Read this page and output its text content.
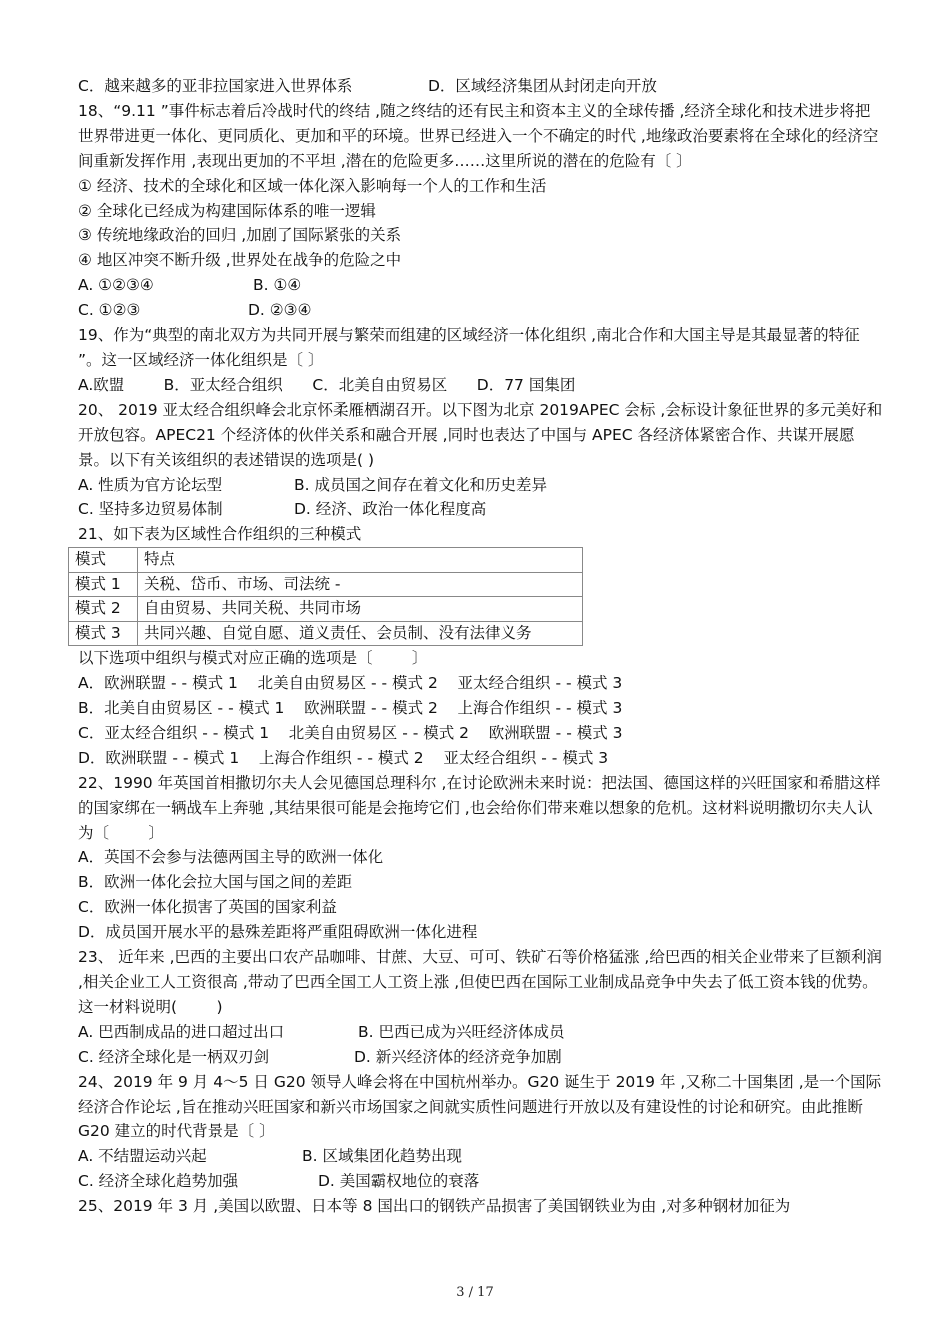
C．越来越多的亚非拉国家进入世界体系	D．区域经济集团从封闭走向开放
18、“9.11 ”事件标志着后冷战时代的终结 ,随之终结的还有民主和资本主义的全球传播 ,经济全球化和技术进步将把世界带进更一体化、更同质化、更加和平的环境。世界已经进入一个不确定的时代 ,地缘政治要素将在全球化的经济空间重新发挥作用 ,表现出更加的不平坦 ,潜在的危险更多……这里所说的潜在的危险有〔 〕
① 经济、技术的全球化和区域一体化深入影响每一个人的工作和生活
② 全球化已经成为构建国际体系的唯一逻辑
③ 传统地缘政治的回归 ,加剧了国际紧张的关系
④ 地区冲突不断升级 ,世界处在战争的危险之中
A. ①②③④	B. ①④
C. ①②③	D. ②③④
19、作为“典型的南北双方为共同开展与繁荣而组建的区域经济一体化组织 ,南北合作和大国主导是其最显著的特征 ”。这一区域经济一体化组织是〔 〕
A.欧盟        B．亚太经合组织      C．北美自由贸易区      D．77 国集团
20、 2019 亚太经合组织峰会北京怀柔雁栖湖召开。以下图为北京 2019APEC 会标 ,会标设计象征世界的多元美好和开放包容。APEC21 个经济体的伙伴关系和融合开展 ,同时也表达了中国与 APEC 各经济体紧密合作、共谋开展愿景。以下有关该组织的表述错误的选项是( )
A. 性质为官方论坛型	B. 成员国之间存在着文化和历史差异
C. 坚持多边贸易体制	D. 经济、政治一体化程度高
21、如下表为区域性合作组织的三种模式
模式	特点
模式 1	关税、岱币、市场、司法统 -
模式 2	自由贸易、共同关税、共同市场
模式 3	共同兴趣、自觉自愿、道义责任、会员制、没有法律义务
以下选项中组织与模式对应正确的选项是〔        〕
A．欧洲联盟 - - 模式 1    北美自由贸易区 - - 模式 2    亚太经合组织 - - 模式 3
B．北美自由贸易区 - - 模式 1    欧洲联盟 - - 模式 2    上海合作组织 - - 模式 3
C．亚太经合组织 - - 模式 1    北美自由贸易区 - - 模式 2    欧洲联盟 - - 模式 3
D．欧洲联盟 - - 模式 1    上海合作组织 - - 模式 2    亚太经合组织 - - 模式 3
22、1990 年英国首相撒切尔夫人会见德国总理科尔 ,在讨论欧洲未来时说：把法国、德国这样的兴旺国家和希腊这样的国家绑在一辆战车上奔驰 ,其结果很可能是会拖垮它们 ,也会给你们带来难以想象的危机。这材料说明撒切尔夫人认为〔        〕
A．英国不会参与法德两国主导的欧洲一体化
B．欧洲一体化会拉大国与国之间的差距
C．欧洲一体化损害了英国的国家利益
D．成员国开展水平的悬殊差距将严重阻碍欧洲一体化进程
23、 近年来 ,巴西的主要出口农产品咖啡、甘蔗、大豆、可可、铁矿石等价格猛涨 ,给巴西的相关企业带来了巨额利润 ,相关企业工人工资很高 ,带动了巴西全国工人工资上涨 ,但使巴西在国际工业制成品竞争中失去了低工资本钱的优势。这一材料说明(        )
A. 巴西制成品的进口超过出口	B. 巴西已成为兴旺经济体成员
C. 经济全球化是一柄双刃剑	D. 新兴经济体的经济竞争加剧
24、2019 年 9 月 4～5 日 G20 领导人峰会将在中国杭州举办。G20 诞生于 2019 年 ,又称二十国集团 ,是一个国际经济合作论坛 ,旨在推动兴旺国家和新兴市场国家之间就实质性问题进行开放以及有建设性的讨论和研究。由此推断 G20 建立的时代背景是〔 〕
A. 不结盟运动兴起	B. 区域集团化趋势出现
C. 经济全球化趋势加强	D. 美国霸权地位的衰落
25、2019 年 3 月 ,美国以欧盟、日本等 8 国出口的钢铁产品损害了美国钢铁业为由 ,对多种钢材加征为
3 / 17
